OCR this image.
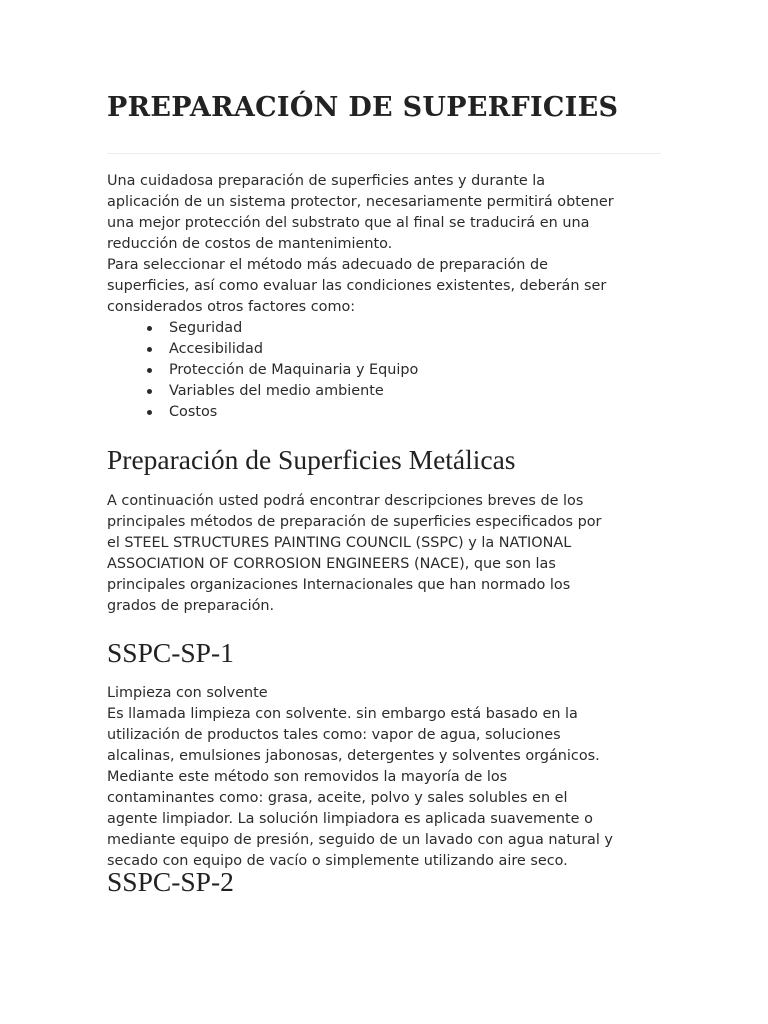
PREPARACIÓN DE SUPERFICIES
Una cuidadosa preparación de superficies antes y durante la
aplicación de un sistema protector, necesariamente permitirá obtener
una mejor protección del substrato que al final se traducirá en una
reducción de costos de mantenimiento.
Para seleccionar el método más adecuado de preparación de
superficies, así como evaluar las condiciones existentes, deberán ser
considerados otros factores como:
Seguridad
Accesibilidad
Protección de Maquinaria y Equipo
Variables del medio ambiente
Costos
Preparación de Superficies Metálicas
A continuación usted podrá encontrar descripciones breves de los
principales métodos de preparación de superficies especificados por
el STEEL STRUCTURES PAINTING COUNCIL (SSPC) y la NATIONAL
ASSOCIATION OF CORROSION ENGINEERS (NACE), que son las
principales organizaciones Internacionales que han normado los
grados de preparación.
SSPC-SP-1
Limpieza con solvente
Es llamada limpieza con solvente. sin embargo está basado en la
utilización de productos tales como: vapor de agua, soluciones
alcalinas, emulsiones jabonosas, detergentes y solventes orgánicos.
Mediante este método son removidos la mayoría de los
contaminantes como: grasa, aceite, polvo y sales solubles en el
agente limpiador. La solución limpiadora es aplicada suavemente o
mediante equipo de presión, seguido de un lavado con agua natural y
secado con equipo de vacío o simplemente utilizando aire seco.
SSPC-SP-2
